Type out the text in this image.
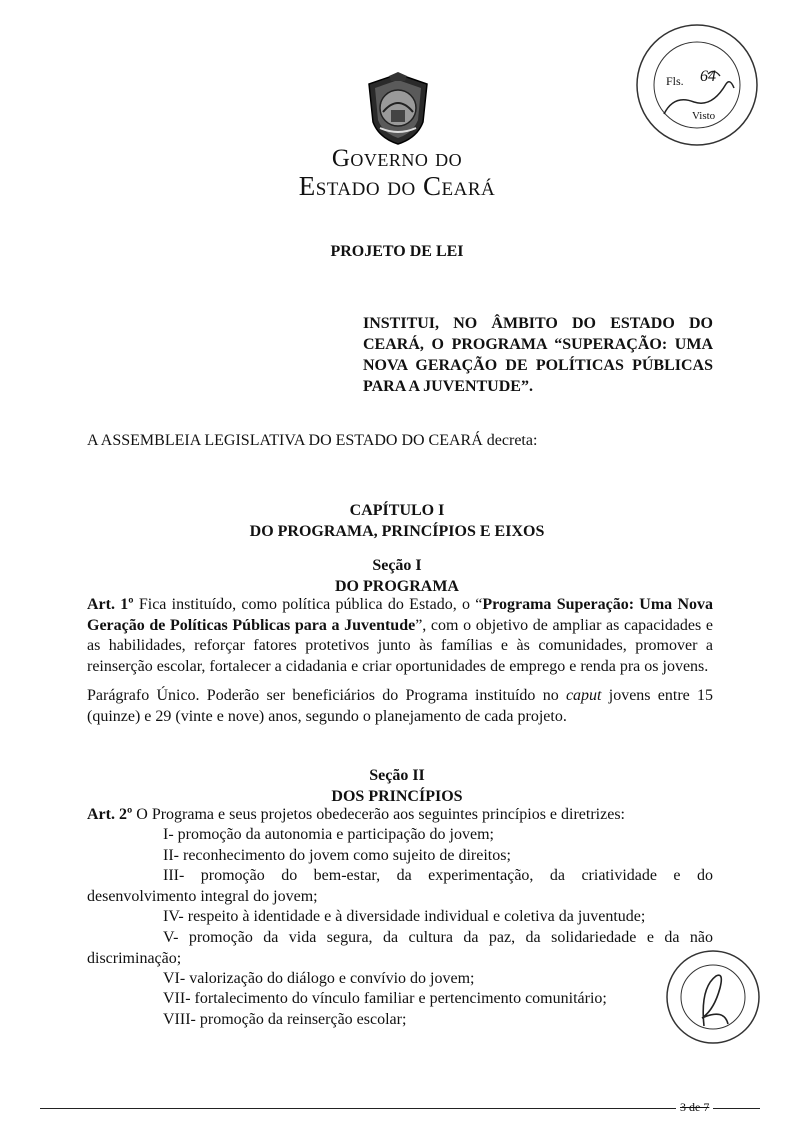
Governo do
Estado do Ceará
Fls. 64
Visto
PROJETO DE LEI
INSTITUI, NO ÂMBITO DO ESTADO DO CEARÁ, O PROGRAMA “SUPERAÇÃO: UMA NOVA GERAÇÃO DE POLÍTICAS PÚBLICAS PARA A JUVENTUDE”.
A ASSEMBLEIA LEGISLATIVA DO ESTADO DO CEARÁ decreta:
CAPÍTULO I
DO PROGRAMA, PRINCÍPIOS E EIXOS
Seção I
DO PROGRAMA
Art. 1º Fica instituído, como política pública do Estado, o “Programa Superação: Uma Nova Geração de Políticas Públicas para a Juventude”, com o objetivo de ampliar as capacidades e as habilidades, reforçar fatores protetivos junto às famílias e às comunidades, promover a reinserção escolar, fortalecer a cidadania e criar oportunidades de emprego e renda pra os jovens.
Parágrafo Único. Poderão ser beneficiários do Programa instituído no caput jovens entre 15 (quinze) e 29 (vinte e nove) anos, segundo o planejamento de cada projeto.
Seção II
DOS PRINCÍPIOS
Art. 2º O Programa e seus projetos obedecerão aos seguintes princípios e diretrizes:
I- promoção da autonomia e participação do jovem;
II- reconhecimento do jovem como sujeito de direitos;
III- promoção do bem-estar, da experimentação, da criatividade e do desenvolvimento integral do jovem;
IV- respeito à identidade e à diversidade individual e coletiva da juventude;
V- promoção da vida segura, da cultura da paz, da solidariedade e da não discriminação;
VI- valorização do diálogo e convívio do jovem;
VII- fortalecimento do vínculo familiar e pertencimento comunitário;
VIII- promoção da reinserção escolar;
3 de 7
